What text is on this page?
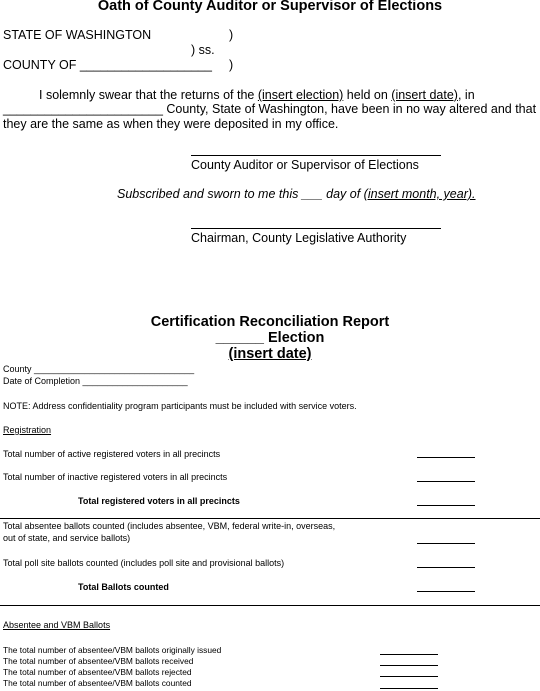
Oath of County Auditor or Supervisor of Elections
STATE OF WASHINGTON	)
) ss.
COUNTY OF ___________________ )
I solemnly swear that the returns of the (insert election) held on (insert date), in
_______________________ County, State of Washington, have been in no way altered and that
they are the same as when they were deposited in my office.
County Auditor or Supervisor of Elections
Subscribed and sworn to me this ___ day of (insert month, year).
Chairman, County Legislative Authority
Certification Reconciliation Report
______ Election
(insert date)
County ________________________________
Date of Completion _____________________
NOTE: Address confidentiality program participants must be included with service voters.
Registration
Total number of active registered voters in all precincts
Total number of inactive registered voters in all precincts
Total registered voters in all precincts
Total absentee ballots counted (includes absentee, VBM, federal write-in, overseas,
out of state, and service ballots)
Total poll site ballots counted (includes poll site and provisional ballots)
Total Ballots counted
Absentee and VBM Ballots
The total number of absentee/VBM ballots originally issued
The total number of absentee/VBM ballots received
The total number of absentee/VBM ballots rejected
The total number of absentee/VBM ballots counted
